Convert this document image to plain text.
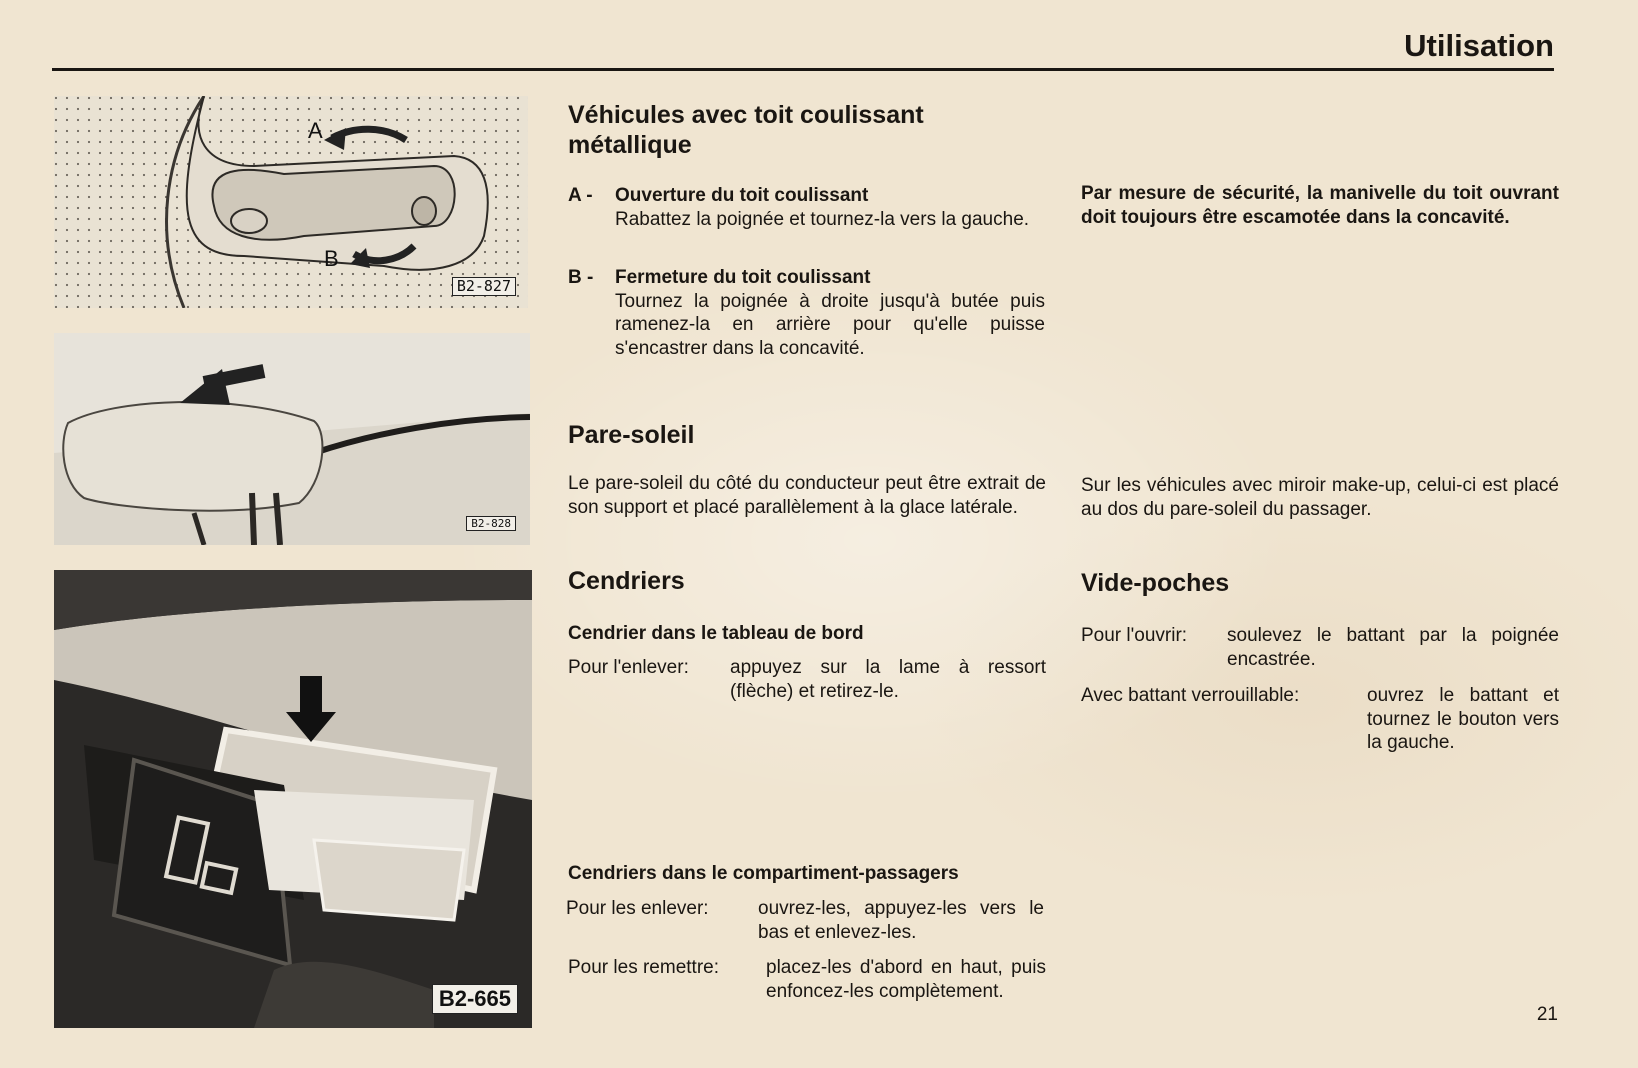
Utilisation
A
B
B2-827
B2-828
B2-665
Véhicules avec toit coulissant métallique
A - Ouverture du toit coulissant
Rabattez la poignée et tournez-la vers la gauche.
B - Fermeture du toit coulissant
Tournez la poignée à droite jusqu'à butée puis ramenez-la en arrière pour qu'elle puisse s'encastrer dans la concavité.
Par mesure de sécurité, la manivelle du toit ouvrant doit toujours être escamotée dans la concavité.
Pare-soleil
Le pare-soleil du côté du conducteur peut être extrait de son support et placé parallèlement à la glace latérale.
Sur les véhicules avec miroir make-up, celui-ci est placé au dos du pare-soleil du passager.
Cendriers
Cendrier dans le tableau de bord
Pour l'enlever: appuyez sur la lame à ressort (flèche) et retirez-le.
Cendriers dans le compartiment-passagers
Pour les enlever:	ouvrez-les, appuyez-les vers le bas et enlevez-les.
Pour les remettre: placez-les d'abord en haut, puis enfoncez-les complètement.
Vide-poches
Pour l'ouvrir: soulevez le battant par la poignée encastrée.
Avec battant verrouillable:	ouvrez le battant et tournez le bouton vers la gauche.
21
